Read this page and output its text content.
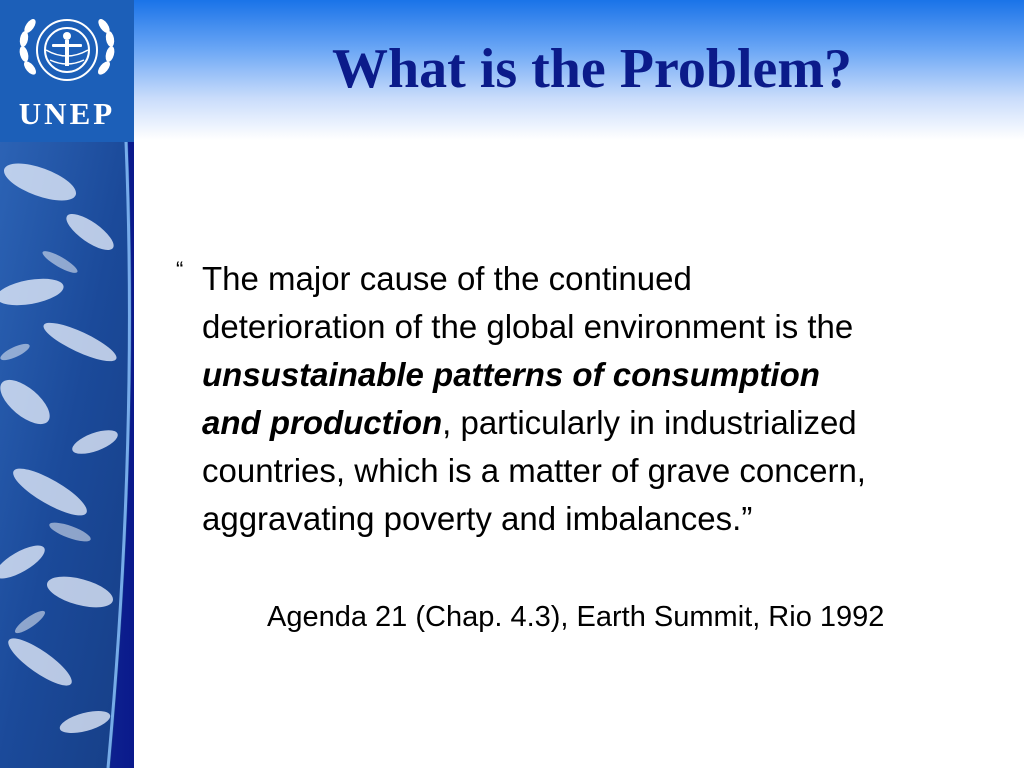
UNEP
What is the Problem?
“ The major cause of the continued
deterioration of the global environment is the
unsustainable patterns of consumption
and production, particularly in industrialized
countries, which is a matter of grave concern,
aggravating poverty and imbalances.”
Agenda 21 (Chap. 4.3), Earth Summit, Rio 1992
